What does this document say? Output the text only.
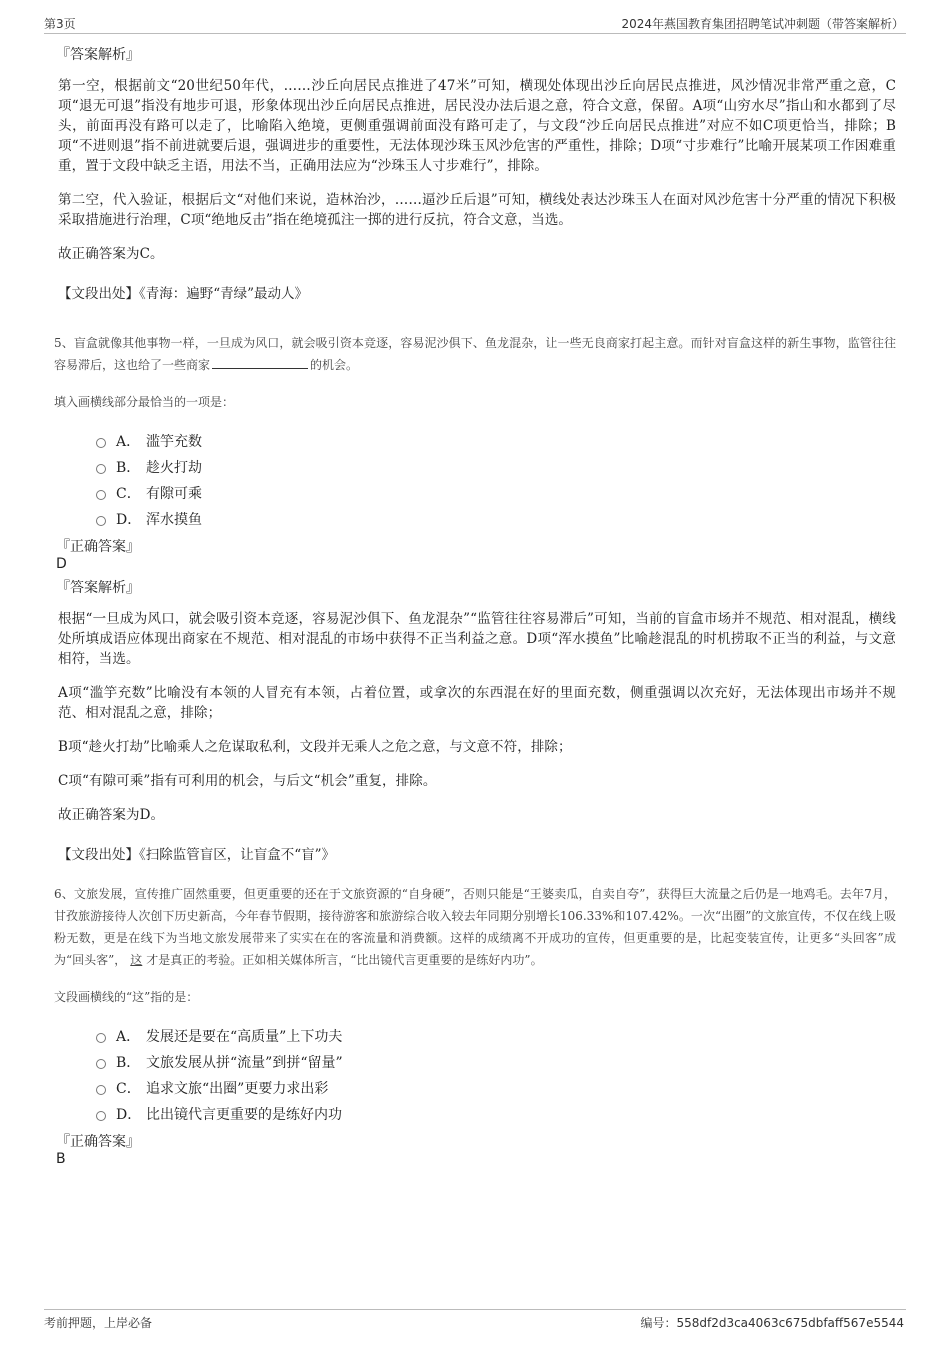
第3页	2024年燕国教育集团招聘笔试冲刺题（带答案解析）

『答案解析』

第一空，根据前文“20世纪50年代，……沙丘向居民点推进了47米”可知，横现处体现出沙丘向居民点推进，风沙情况非常严重之意，C项“退无可退”指没有地步可退，形象体现出沙丘向居民点推进，居民没办法后退之意，符合文意，保留。A项“山穷水尽”指山和水都到了尽头，前面再没有路可以走了，比喻陷入绝境，更侧重强调前面没有路可走了，与文段“沙丘向居民点推进”对应不如C项更恰当，排除；B项“不进则退”指不前进就要后退，强调进步的重要性，无法体现沙珠玉风沙危害的严重性，排除；D项“寸步难行”比喻开展某项工作困难重重，置于文段中缺乏主语，用法不当，正确用法应为“沙珠玉人寸步难行”，排除。

第二空，代入验证，根据后文“对他们来说，造林治沙，……逼沙丘后退”可知，横线处表达沙珠玉人在面对风沙危害十分严重的情况下积极采取措施进行治理，C项“绝地反击”指在绝境孤注一掷的进行反抗，符合文意，当选。

故正确答案为C。

【文段出处】《青海：遍野“青绿”最动人》

5、盲盒就像其他事物一样，一旦成为风口，就会吸引资本竞逐，容易泥沙俱下、鱼龙混杂，让一些无良商家打起主意。而针对盲盒这样的新生事物，监管往往容易滞后，这也给了一些商家	的机会。

填入画横线部分最恰当的一项是：

A． 滥竽充数
B． 趁火打劫
C． 有隙可乘
D． 浑水摸鱼

『正确答案』

D

『答案解析』

根据“一旦成为风口，就会吸引资本竞逐，容易泥沙俱下、鱼龙混杂”“监管往往容易滞后”可知，当前的盲盒市场并不规范、相对混乱，横线处所填成语应体现出商家在不规范、相对混乱的市场中获得不正当利益之意。D项“浑水摸鱼”比喻趁混乱的时机捞取不正当的利益，与文意相符，当选。

A项“滥竽充数”比喻没有本领的人冒充有本领，占着位置，或拿次的东西混在好的里面充数，侧重强调以次充好，无法体现出市场并不规范、相对混乱之意，排除；

B项“趁火打劫”比喻乘人之危谋取私利，文段并无乘人之危之意，与文意不符，排除；

C项“有隙可乘”指有可利用的机会，与后文“机会”重复，排除。

故正确答案为D。

【文段出处】《扫除监管盲区，让盲盒不“盲”》

6、文旅发展，宣传推广固然重要，但更重要的还在于文旅资源的“自身硬”，否则只能是“王婆卖瓜，自卖自夸”，获得巨大流量之后仍是一地鸡毛。去年7月，甘孜旅游接待人次创下历史新高，今年春节假期，接待游客和旅游综合收入较去年同期分别增长106.33%和107.42%。一次“出圈”的文旅宣传，不仅在线上吸粉无数，更是在线下为当地文旅发展带来了实实在在的客流量和消费额。这样的成绩离不开成功的宣传，但更重要的是，比起变装宣传，让更多“头回客”成为“回头客”， 这 才是真正的考验。正如相关媒体所言，“比出镜代言更重要的是练好内功”。

文段画横线的“这”指的是：

A． 发展还是要在“高质量”上下功夫
B． 文旅发展从拼“流量”到拼“留量”
C． 追求文旅“出圈”更要力求出彩
D． 比出镜代言更重要的是练好内功

『正确答案』

B

考前押题，上岸必备	编号：558df2d3ca4063c675dbfaff567e5544
